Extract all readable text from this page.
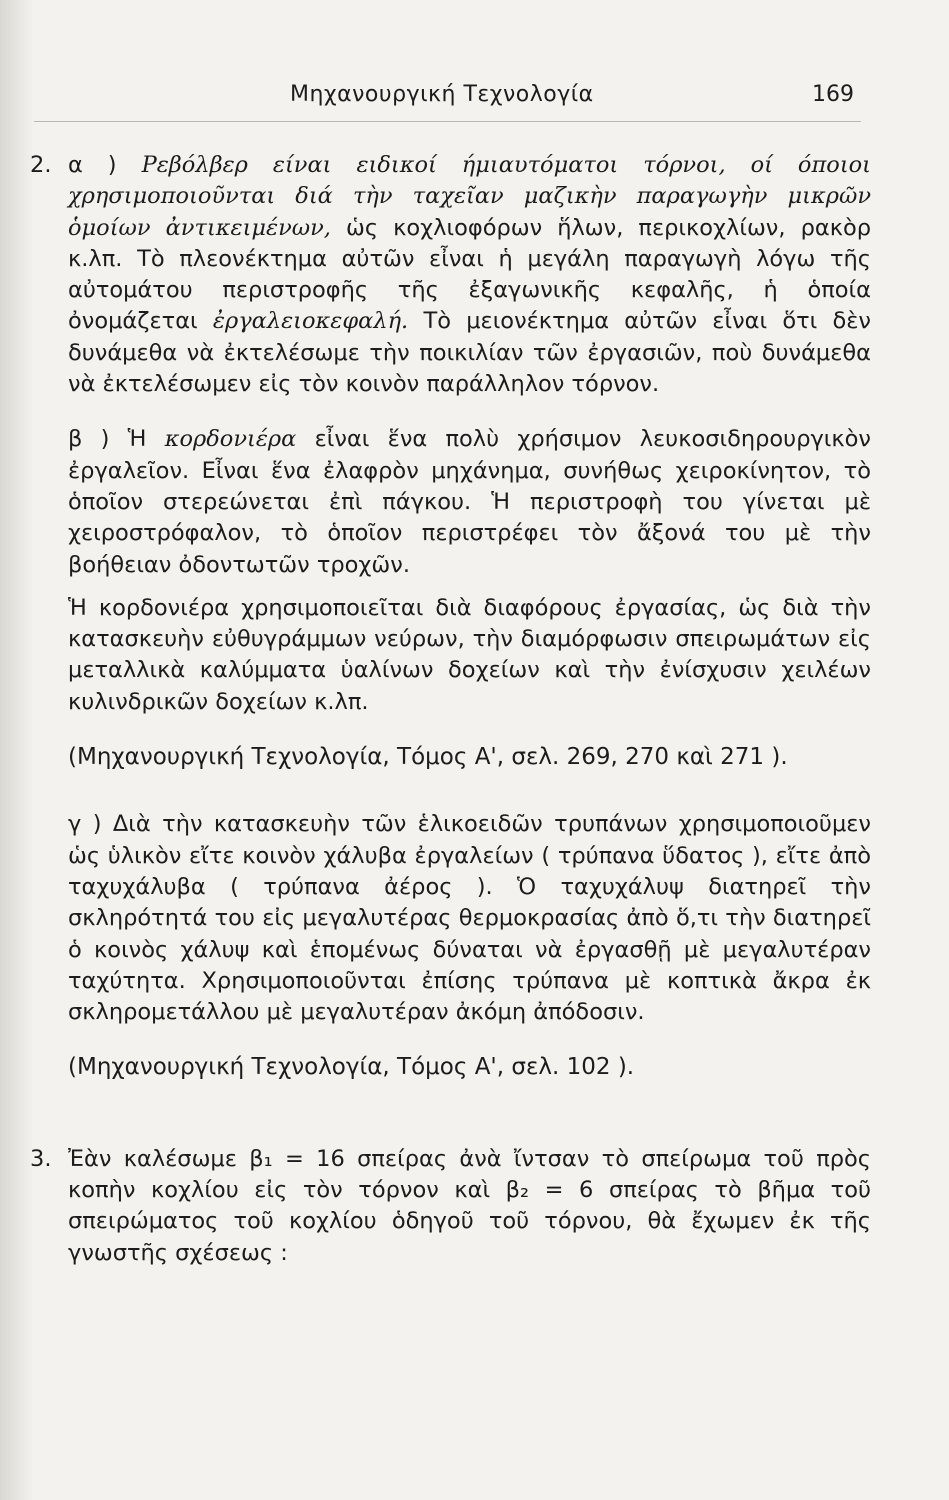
Μηχανουργική Τεχνολογία	169
2. α ) Ρεβόλβερ είναι ειδικοί ήμιαυτόματοι τόρνοι, οί όποιοι χρησιμοποιοῦνται διά τὴν ταχεῖαν μαζικὴν παραγωγὴν μικρῶν ὁμοίων ἀντικειμένων, ὡς κοχλιοφόρων ἥλων, περικοχλίων, ρακὸρ κ.λπ. Τὸ πλεονέκτημα αὐτῶν εἶναι ἡ μεγάλη παραγωγὴ λόγω τῆς αὐτομάτου περιστροφῆς τῆς ἐξαγωνικῆς κεφαλῆς, ἡ ὁποία ὀνομάζεται ἐργαλειοκεφαλή. Τὸ μειονέκτημα αὐτῶν εἶναι ὅτι δὲν δυνάμεθα νὰ ἐκτελέσωμε τὴν ποικιλίαν τῶν ἐργασιῶν, ποὺ δυνάμεθα νὰ ἐκτελέσωμεν εἰς τὸν κοινὸν παράλληλον τόρνον.

β ) Ἡ κορδονιέρα εἶναι ἕνα πολὺ χρήσιμον λευκοσιδηρουργικὸν ἐργαλεῖον. Εἶναι ἕνα ἐλαφρὸν μηχάνημα, συνήθως χειροκίνητον, τὸ ὁποῖον στερεώνεται ἐπὶ πάγκου. Ἡ περιστροφὴ του γίνεται μὲ χειροστρόφαλον, τὸ ὁποῖον περιστρέφει τὸν ἄξονά του μὲ τὴν βοήθειαν ὀδοντωτῶν τροχῶν.

Ἡ κορδονιέρα χρησιμοποιεῖται διὰ διαφόρους ἐργασίας, ὡς διὰ τὴν κατασκευὴν εὐθυγράμμων νεύρων, τὴν διαμόρφωσιν σπειρωμάτων εἰς μεταλλικὰ καλύμματα ὑαλίνων δοχείων καὶ τὴν ἐνίσχυσιν χειλέων κυλινδρικῶν δοχείων κ.λπ.

(Μηχανουργική Τεχνολογία, Τόμος Α', σελ. 269, 270 καὶ 271 ).

γ ) Διὰ τὴν κατασκευὴν τῶν ἑλικοειδῶν τρυπάνων χρησιμοποιοῦμεν ὡς ὑλικὸν εἴτε κοινὸν χάλυβα ἐργαλείων ( τρύπανα ὕδατος ), εἴτε ἀπὸ ταχυχάλυβα ( τρύπανα ἀέρος ). Ὁ ταχυχάλυψ διατηρεῖ τὴν σκληρότητά του εἰς μεγαλυτέρας θερμοκρασίας ἀπὸ ὅ,τι τὴν διατηρεῖ ὁ κοινὸς χάλυψ καὶ ἑπομένως δύναται νὰ ἐργασθῇ μὲ μεγαλυτέραν ταχύτητα. Χρησιμοποιοῦνται ἐπίσης τρύπανα μὲ κοπτικὰ ἄκρα ἐκ σκληρομετάλλου μὲ μεγαλυτέραν ἀκόμη ἀπόδοσιν.

(Μηχανουργική Τεχνολογία, Τόμος Α', σελ. 102 ).

3. Ἐὰν καλέσωμε β₁ = 16 σπείρας ἀνὰ ἴντσαν τὸ σπείρωμα τοῦ πρὸς κοπὴν κοχλίου εἰς τὸν τόρνον καὶ β₂ = 6 σπείρας τὸ βῆμα τοῦ σπειρώματος τοῦ κοχλίου ὁδηγοῦ τοῦ τόρνου, θὰ ἔχωμεν ἐκ τῆς γνωστῆς σχέσεως :
